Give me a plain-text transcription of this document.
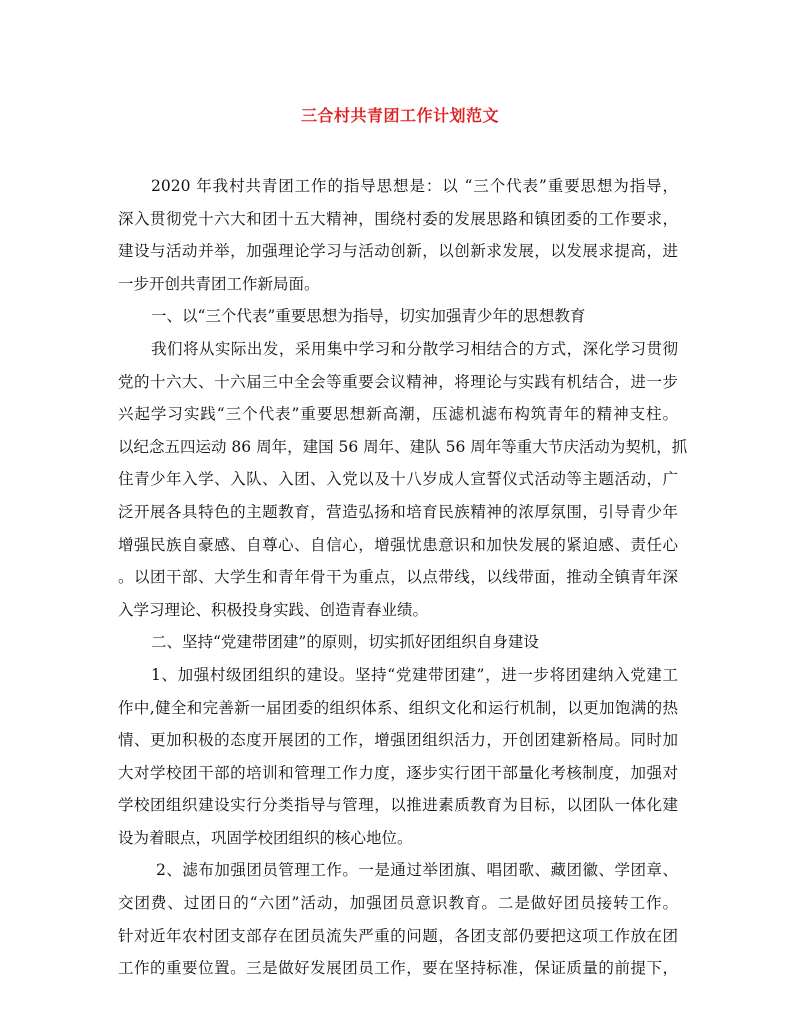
三合村共青团工作计划范文
2020 年我村共青团工作的指导思想是：以 “三个代表”重要思想为指导，
深入贯彻党十六大和团十五大精神，围绕村委的发展思路和镇团委的工作要求，
建设与活动并举，加强理论学习与活动创新，以创新求发展，以发展求提高，进
一步开创共青团工作新局面。
一、以“三个代表”重要思想为指导，切实加强青少年的思想教育
我们将从实际出发，采用集中学习和分散学习相结合的方式，深化学习贯彻
党的十六大、十六届三中全会等重要会议精神，将理论与实践有机结合，进一步
兴起学习实践“三个代表”重要思想新高潮，压滤机滤布构筑青年的精神支柱。
以纪念五四运动 86 周年，建国 56 周年、建队 56 周年等重大节庆活动为契机，抓
住青少年入学、入队、入团、入党以及十八岁成人宣誓仪式活动等主题活动，广
泛开展各具特色的主题教育，营造弘扬和培育民族精神的浓厚氛围，引导青少年
增强民族自豪感、自尊心、自信心，增强忧患意识和加快发展的紧迫感、责任心
。以团干部、大学生和青年骨干为重点，以点带线，以线带面，推动全镇青年深
入学习理论、积极投身实践、创造青春业绩。
二、坚持“党建带团建”的原则，切实抓好团组织自身建设
1、加强村级团组织的建设。坚持“党建带团建”，进一步将团建纳入党建工
作中,健全和完善新一届团委的组织体系、组织文化和运行机制，以更加饱满的热
情、更加积极的态度开展团的工作，增强团组织活力，开创团建新格局。同时加
大对学校团干部的培训和管理工作力度，逐步实行团干部量化考核制度，加强对
学校团组织建设实行分类指导与管理，以推进素质教育为目标，以团队一体化建
设为着眼点，巩固学校团组织的核心地位。
2、滤布加强团员管理工作。一是通过举团旗、唱团歌、藏团徽、学团章、
交团费、过团日的“六团”活动，加强团员意识教育。二是做好团员接转工作。
针对近年农村团支部存在团员流失严重的问题，各团支部仍要把这项工作放在团
工作的重要位置。三是做好发展团员工作，要在坚持标准，保证质量的前提下，
